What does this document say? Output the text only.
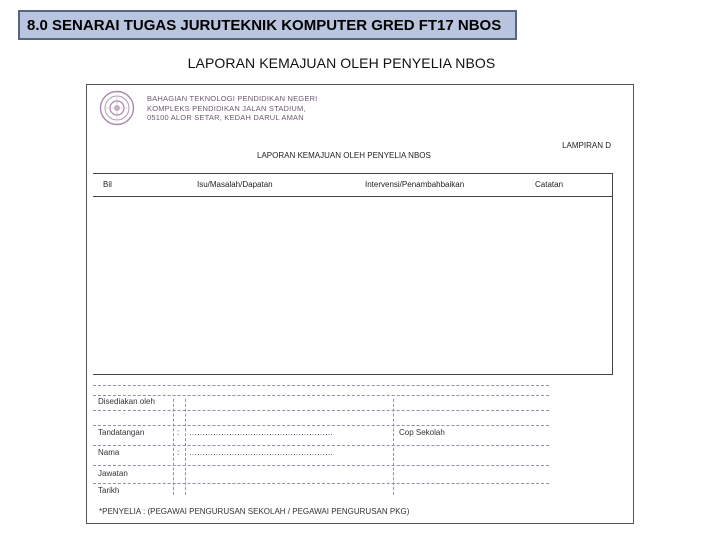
8.0 SENARAI TUGAS JURUTEKNIK KOMPUTER GRED FT17 NBOS
LAPORAN KEMAJUAN OLEH PENYELIA NBOS
BAHAGIAN TEKNOLOGI PENDIDIKAN NEGERI
KOMPLEKS PENDIDIKAN JALAN STADIUM,
05100 ALOR SETAR, KEDAH DARUL AMAN
LAMPIRAN D
LAPORAN KEMAJUAN OLEH PENYELIA NBOS
Bil	Isu/Masalah/Dapatan	Intervensi/Penambahbaikan	Catatan
Disediakan oleh
Tandatangan	: ………………………………………………	Cop Sekolah
Nama	: ………………………………………………
Jawatan
Tarikh
*PENYELIA : (PEGAWAI PENGURUSAN SEKOLAH / PEGAWAI PENGURUSAN PKG)
